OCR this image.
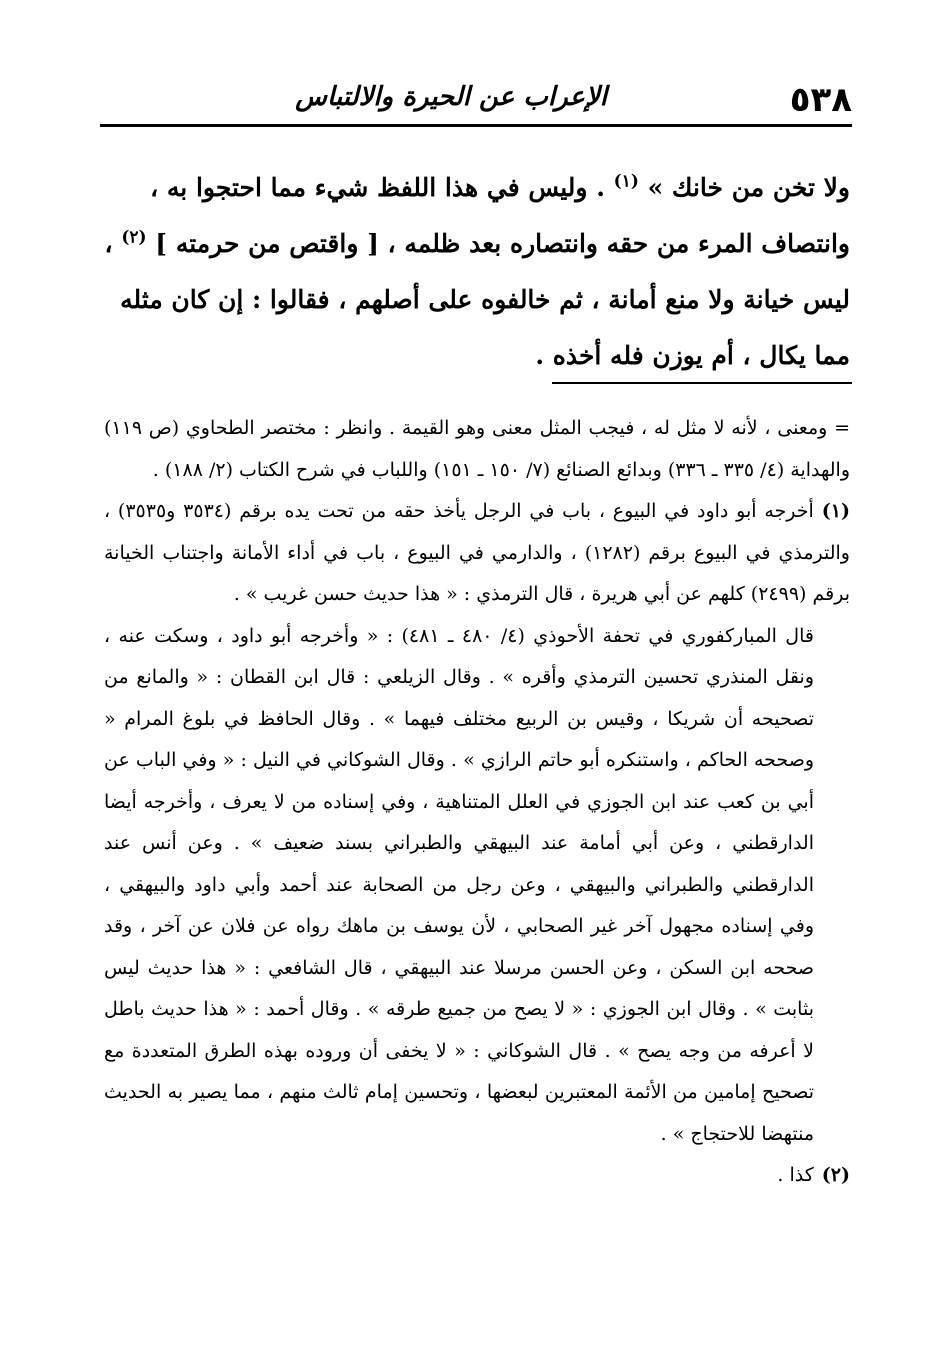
٥٣٨
الإعراب عن الحيرة والالتباس

ولا تخن من خانك » $^{(١)}$ . وليس في هذا اللفظ شيء مما احتجوا به ،

وانتصاف المرء من حقه وانتصاره بعد ظلمه ، [ واقتص من حرمته ] $^{(٢)}$ ،

ليس خيانة ولا منع أمانة ، ثم خالفوه على أصلهم ، فقالوا : إن كان مثله

مما يكال ، أم يوزن فله أخذه .

= ومعنى ، لأنه لا مثل له ، فيجب المثل معنى وهو القيمة . وانظر : مختصر الطحاوي (ص ١١٩) والهداية (٤/ ٣٣٥ ـ ٣٣٦) وبدائع الصنائع (٧/ ١٥٠ ـ ١٥١) واللباب في شرح الكتاب (٢/ ١٨٨) .

(١)أخرجه أبو داود في البيوع ، باب في الرجل يأخذ حقه من تحت يده برقم (٣٥٣٤ و٣٥٣٥) ، والترمذي في البيوع برقم (١٢٨٢) ، والدارمي في البيوع ، باب في أداء الأمانة واجتناب الخيانة برقم (٢٤٩٩) كلهم عن أبي هريرة ، قال الترمذي : « هذا حديث حسن غريب » .

قال المباركفوري في تحفة الأحوذي (٤/ ٤٨٠ ـ ٤٨١) : « وأخرجه أبو داود ، وسكت عنه ، ونقل المنذري تحسين الترمذي وأقره » . وقال الزيلعي : قال ابن القطان : « والمانع من تصحيحه أن شريكا ، وقيس بن الربيع مختلف فيهما » . وقال الحافظ في بلوغ المرام « وصححه الحاكم ، واستنكره أبو حاتم الرازي » . وقال الشوكاني في النيل : « وفي الباب عن أبي بن كعب عند ابن الجوزي في العلل المتناهية ، وفي إسناده من لا يعرف ، وأخرجه أيضا الدارقطني ، وعن أبي أمامة عند البيهقي والطبراني بسند ضعيف » . وعن أنس عند الدارقطني والطبراني والبيهقي ، وعن رجل من الصحابة عند أحمد وأبي داود والبيهقي ، وفي إسناده مجهول آخر غير الصحابي ، لأن يوسف بن ماهك رواه عن فلان عن آخر ، وقد صححه ابن السكن ، وعن الحسن مرسلا عند البيهقي ، قال الشافعي : « هذا حديث ليس بثابت » . وقال ابن الجوزي : « لا يصح من جميع طرقه » . وقال أحمد : « هذا حديث باطل لا أعرفه من وجه يصح » . قال الشوكاني : « لا يخفى أن وروده بهذه الطرق المتعددة مع تصحيح إمامين من الأئمة المعتبرين لبعضها ، وتحسين إمام ثالث منهم ، مما يصير به الحديث منتهضا للاحتجاج » .

(٢)كذا .
